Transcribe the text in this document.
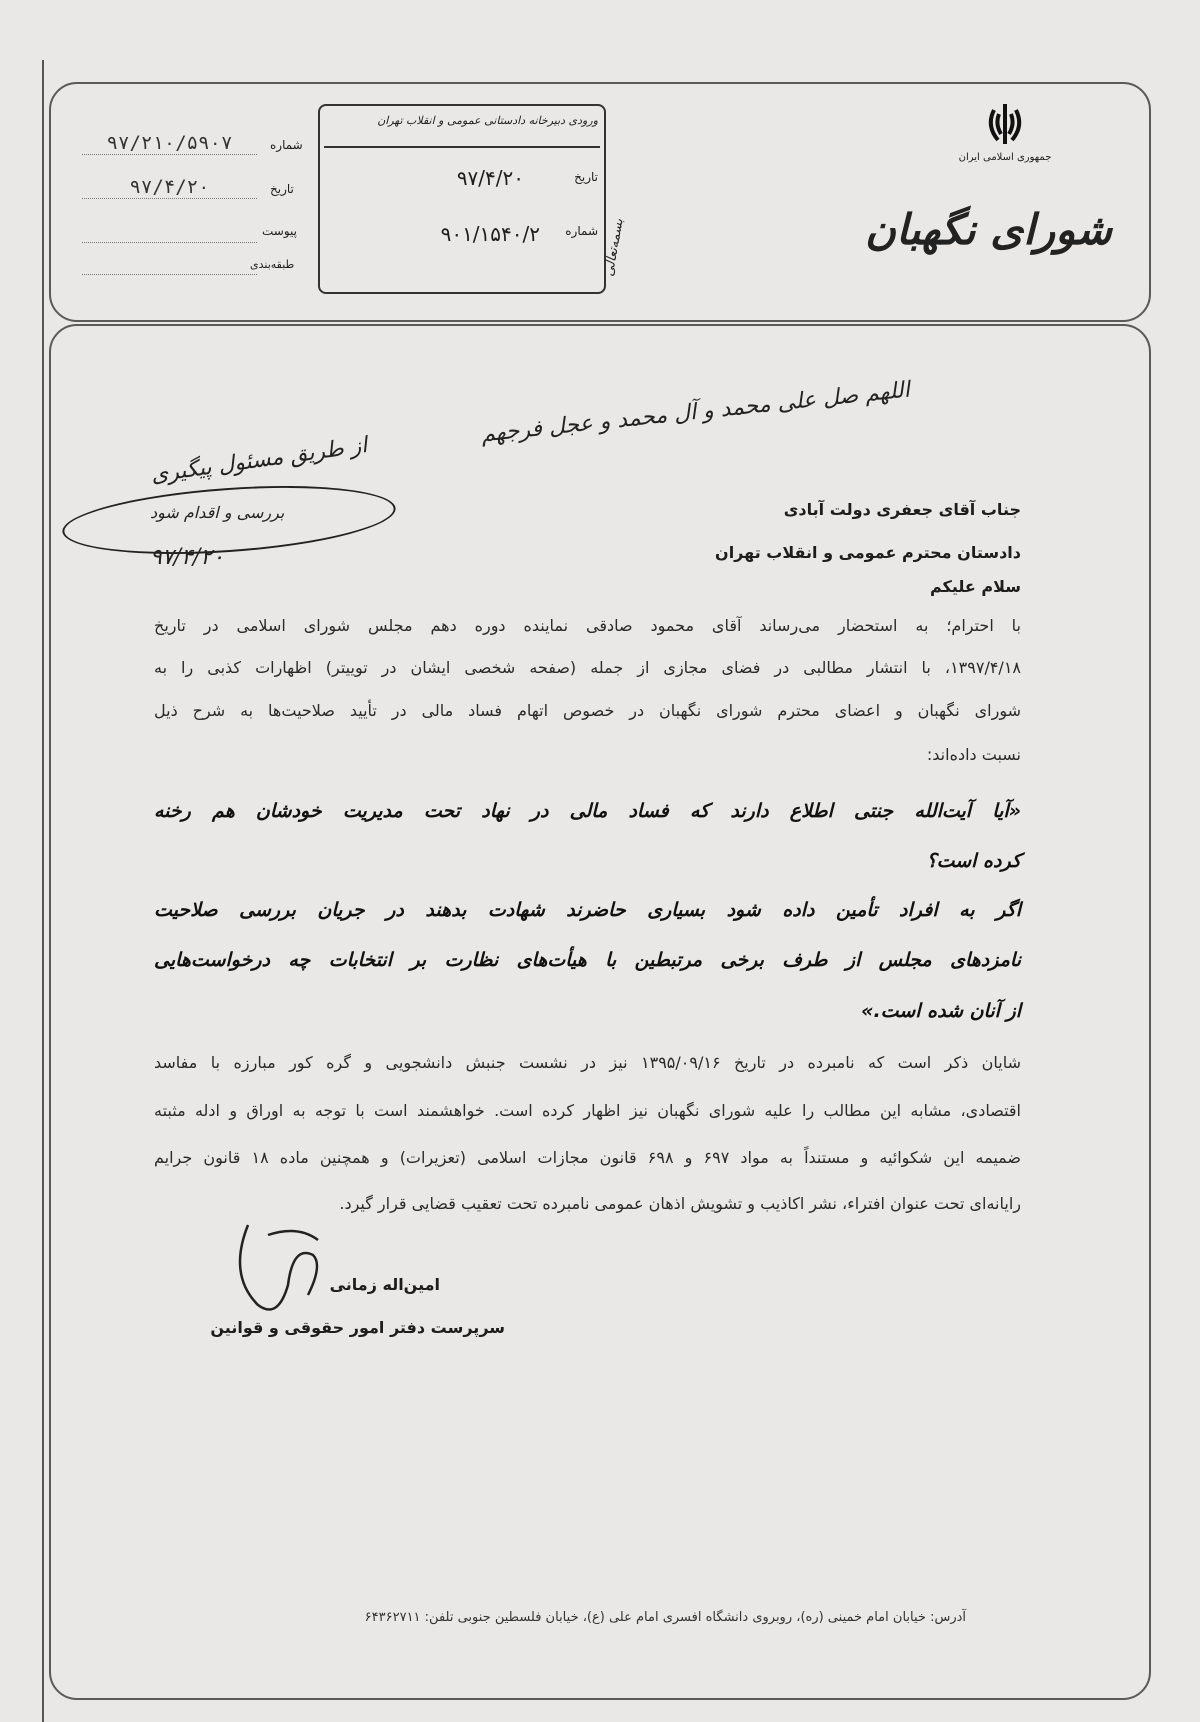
جمهوری اسلامی ایران
شورای نگهبان
ورودی دبیرخانه دادستانی عمومی و انقلاب تهران
تاریخ
۹۷/۴/۲۰
شماره
۹۰۱/۱۵۴۰/۲	بسمه‌تعالی
شماره
۹۷/۲۱۰/۵۹۰۷
تاریخ
۹۷/۴/۲۰
پیوست
طبقه‌بندی
اللهم صل علی محمد و آل محمد و عجل فرجهم
از طریق مسئول پیگیری
بررسی و اقدام شود
۹۷/۴/۲۰
جناب آقای جعفری دولت آبادی
دادستان محترم عمومی و انقلاب تهران
سلام علیکم
با احترام؛ به استحضار می‌رساند آقای محمود صادقی نماینده دوره دهم مجلس شورای اسلامی در تاریخ
۱۳۹۷/۴/۱۸، با انتشار مطالبی در فضای مجازی از جمله (صفحه شخصی ایشان در توییتر) اظهارات کذبی را به
شورای نگهبان و اعضای محترم شورای نگهبان در خصوص اتهام فساد مالی در تأیید صلاحیت‌ها به شرح ذیل
نسبت داده‌اند:
«آیا آیت‌الله جنتی اطلاع دارند که فساد مالی در نهاد تحت مدیریت خودشان هم رخنه
کرده است؟
اگر به افراد تأمین داده شود بسیاری حاضرند شهادت بدهند در جریان بررسی صلاحیت
نامزدهای مجلس از طرف برخی مرتبطین با هیأت‌های نظارت بر انتخابات چه درخواست‌هایی
از آنان شده است.»
شایان ذکر است که نامبرده در تاریخ ۱۳۹۵/۰۹/۱۶ نیز در نشست جنبش دانشجویی و گره کور مبارزه با مفاسد
اقتصادی، مشابه این مطالب را علیه شورای نگهبان نیز اظهار کرده است. خواهشمند است با توجه به اوراق و ادله مثبته
ضمیمه این شکوائیه و مستنداً به مواد ۶۹۷ و ۶۹۸ قانون مجازات اسلامی (تعزیرات) و همچنین ماده ۱۸ قانون جرایم
رایانه‌ای تحت عنوان افتراء، نشر اکاذیب و تشویش اذهان عمومی نامبرده تحت تعقیب قضایی قرار گیرد.
امین‌اله زمانی
سرپرست دفتر امور حقوقی و قوانین
آدرس: خیابان امام خمینی (ره)، روبروی دانشگاه افسری امام علی (ع)، خیابان فلسطین جنوبی تلفن: ۶۴۳۶۲۷۱۱
